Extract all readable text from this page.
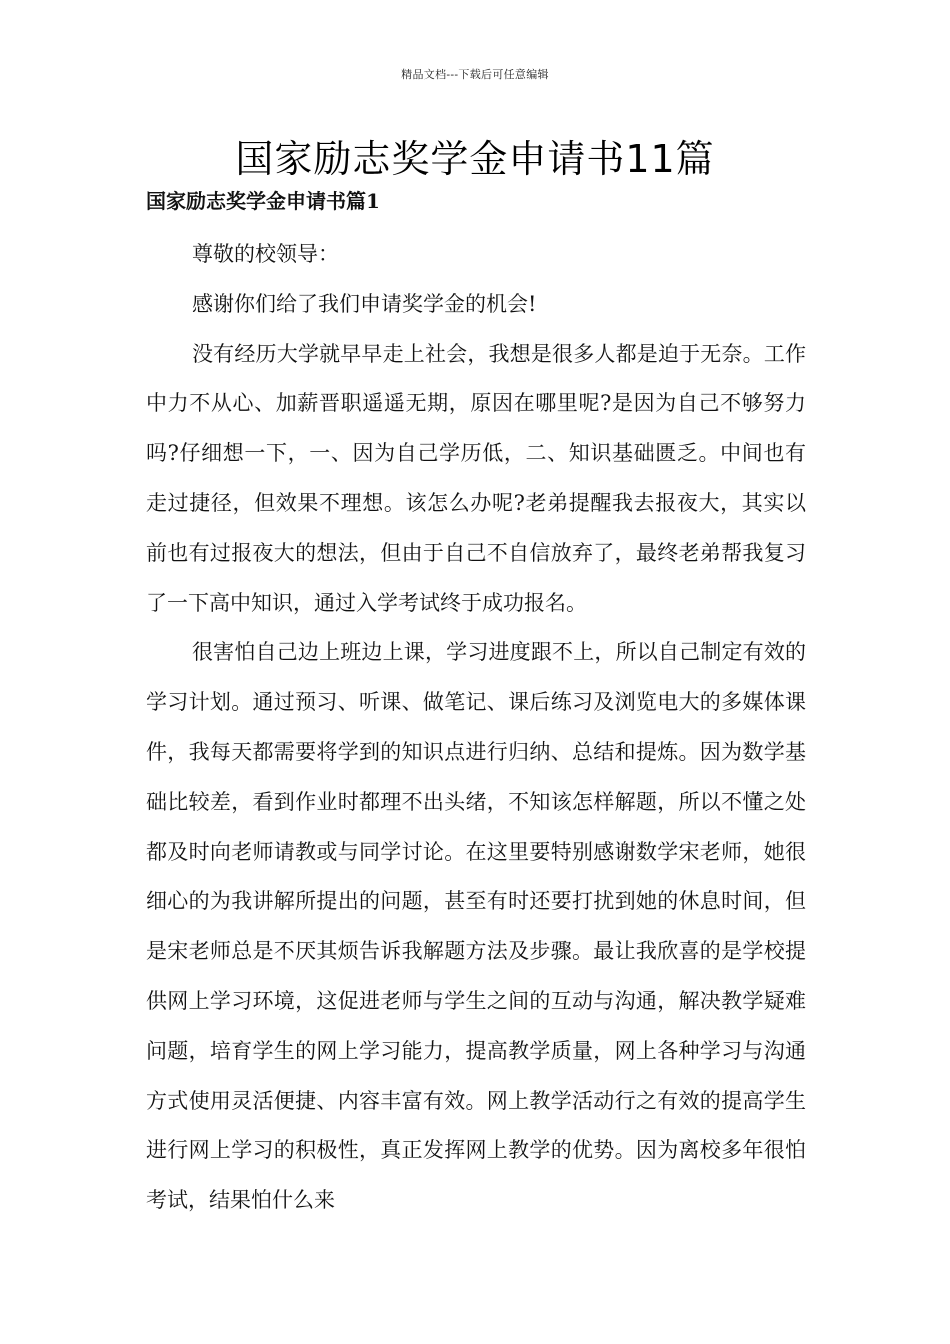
精品文档---下载后可任意编辑
国家励志奖学金申请书11篇
国家励志奖学金申请书篇1

尊敬的校领导：

感谢你们给了我们申请奖学金的机会!

没有经历大学就早早走上社会，我想是很多人都是迫于无奈。工作中力不从心、加薪晋职遥遥无期，原因在哪里呢?是因为自己不够努力吗?仔细想一下，一、因为自己学历低，二、知识基础匮乏。中间也有走过捷径，但效果不理想。该怎么办呢?老弟提醒我去报夜大，其实以前也有过报夜大的想法，但由于自己不自信放弃了，最终老弟帮我复习了一下高中知识，通过入学考试终于成功报名。

很害怕自己边上班边上课，学习进度跟不上，所以自己制定有效的学习计划。通过预习、听课、做笔记、课后练习及浏览电大的多媒体课件，我每天都需要将学到的知识点进行归纳、总结和提炼。因为数学基础比较差，看到作业时都理不出头绪，不知该怎样解题，所以不懂之处都及时向老师请教或与同学讨论。在这里要特别感谢数学宋老师，她很细心的为我讲解所提出的问题，甚至有时还要打扰到她的休息时间，但是宋老师总是不厌其烦告诉我解题方法及步骤。最让我欣喜的是学校提供网上学习环境，这促进老师与学生之间的互动与沟通，解决教学疑难问题，培育学生的网上学习能力，提高教学质量，网上各种学习与沟通方式使用灵活便捷、内容丰富有效。网上教学活动行之有效的提高学生进行网上学习的积极性，真正发挥网上教学的优势。因为离校多年很怕考试，结果怕什么来
